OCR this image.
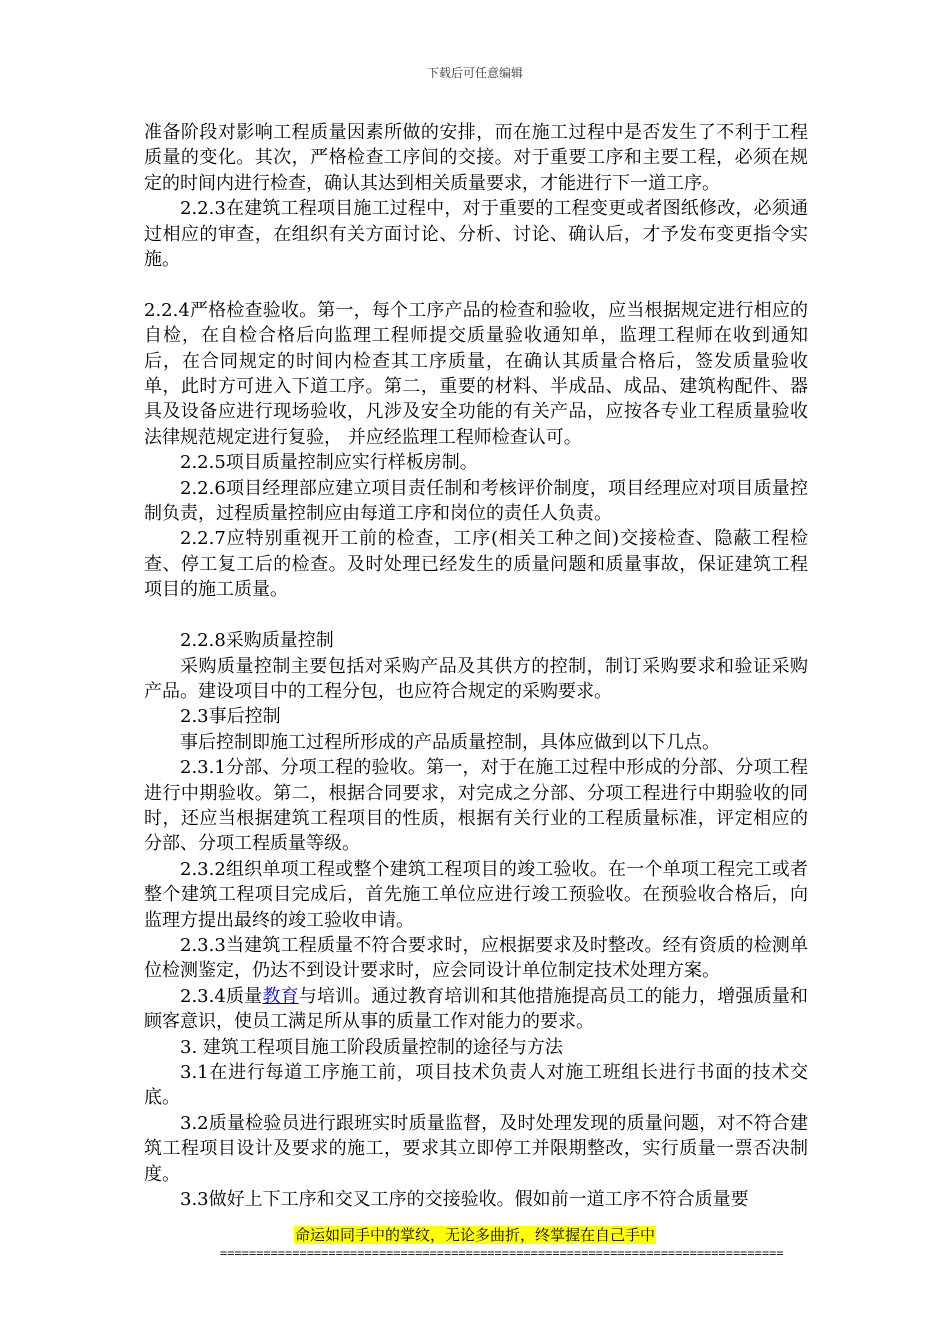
下载后可任意编辑

准备阶段对影响工程质量因素所做的安排，而在施工过程中是否发生了不利于工程质量的变化。其次，严格检查工序间的交接。对于重要工序和主要工程，必须在规定的时间内进行检查，确认其达到相关质量要求，才能进行下一道工序。

2.2.3在建筑工程项目施工过程中，对于重要的工程变更或者图纸修改，必须通过相应的审查，在组织有关方面讨论、分析、讨论、确认后，才予发布变更指令实施。

2.2.4严格检查验收。第一，每个工序产品的检查和验收，应当根据规定进行相应的自检，在自检合格后向监理工程师提交质量验收通知单，监理工程师在收到通知后，在合同规定的时间内检查其工序质量，在确认其质量合格后，签发质量验收单，此时方可进入下道工序。第二，重要的材料、半成品、成品、建筑构配件、器具及设备应进行现场验收，凡涉及安全功能的有关产品，应按各专业工程质量验收法律规范规定进行复验， 并应经监理工程师检查认可。

2.2.5项目质量控制应实行样板房制。

2.2.6项目经理部应建立项目责任制和考核评价制度，项目经理应对项目质量控制负责，过程质量控制应由每道工序和岗位的责任人负责。

2.2.7应特别重视开工前的检查，工序(相关工种之间)交接检查、隐蔽工程检查、停工复工后的检查。及时处理已经发生的质量问题和质量事故，保证建筑工程项目的施工质量。

2.2.8采购质量控制

采购质量控制主要包括对采购产品及其供方的控制，制订采购要求和验证采购产品。建设项目中的工程分包，也应符合规定的采购要求。

2.3事后控制

事后控制即施工过程所形成的产品质量控制，具体应做到以下几点。

2.3.1分部、分项工程的验收。第一，对于在施工过程中形成的分部、分项工程进行中期验收。第二，根据合同要求，对完成之分部、分项工程进行中期验收的同时，还应当根据建筑工程项目的性质，根据有关行业的工程质量标准，评定相应的分部、分项工程质量等级。

2.3.2组织单项工程或整个建筑工程项目的竣工验收。在一个单项工程完工或者整个建筑工程项目完成后，首先施工单位应进行竣工预验收。在预验收合格后，向监理方提出最终的竣工验收申请。

2.3.3当建筑工程质量不符合要求时，应根据要求及时整改。经有资质的检测单位检测鉴定，仍达不到设计要求时，应会同设计单位制定技术处理方案。

2.3.4质量教育与培训。通过教育培训和其他措施提高员工的能力，增强质量和顾客意识，使员工满足所从事的质量工作对能力的要求。

3. 建筑工程项目施工阶段质量控制的途径与方法

3.1在进行每道工序施工前，项目技术负责人对施工班组长进行书面的技术交底。

3.2质量检验员进行跟班实时质量监督，及时处理发现的质量问题，对不符合建筑工程项目设计及要求的施工，要求其立即停工并限期整改，实行质量一票否决制度。

3.3做好上下工序和交叉工序的交接验收。假如前一道工序不符合质量要

命运如同手中的掌纹，无论多曲折，终掌握在自己手中
==============================================================================
